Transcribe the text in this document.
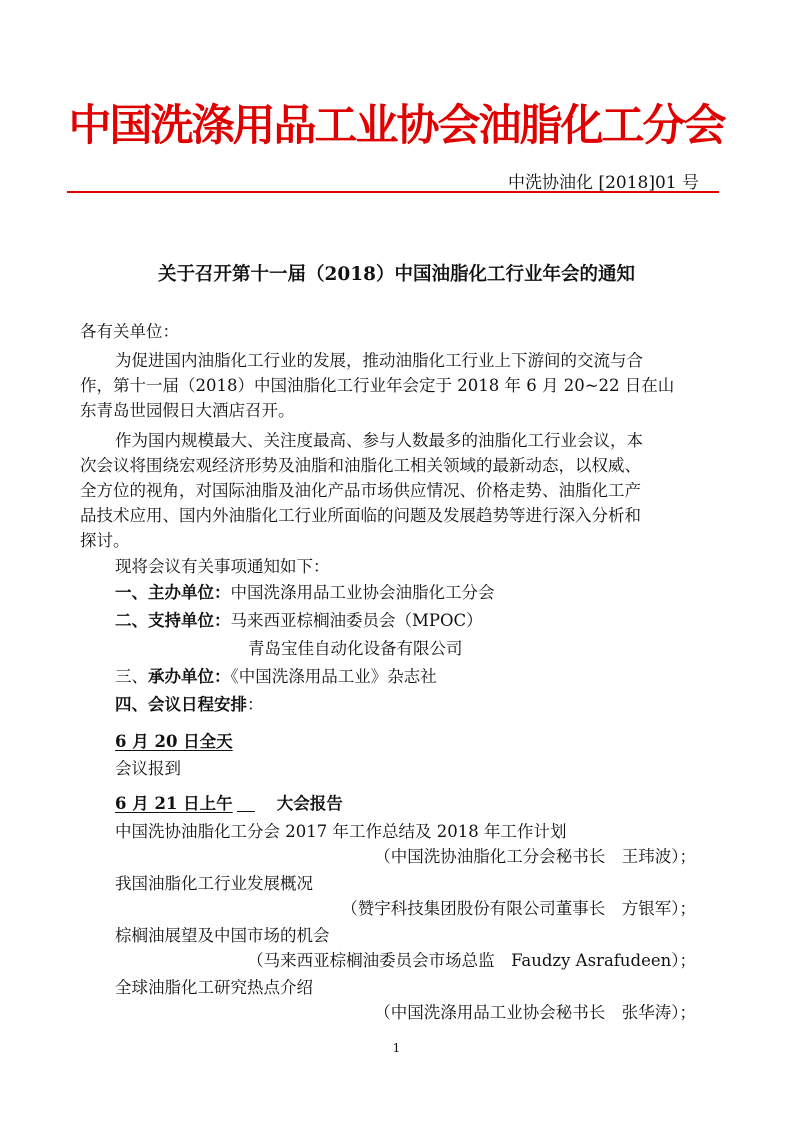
中国洗涤用品工业协会油脂化工分会
中洗协油化 [2018]01 号
关于召开第十一届（2018）中国油脂化工行业年会的通知
各有关单位：
为促进国内油脂化工行业的发展，推动油脂化工行业上下游间的交流与合
作，第十一届（2018）中国油脂化工行业年会定于 2018 年 6 月 20~22 日在山
东青岛世园假日大酒店召开。
作为国内规模最大、关注度最高、参与人数最多的油脂化工行业会议，本
次会议将围绕宏观经济形势及油脂和油脂化工相关领域的最新动态，以权威、
全方位的视角，对国际油脂及油化产品市场供应情况、价格走势、油脂化工产
品技术应用、国内外油脂化工行业所面临的问题及发展趋势等进行深入分析和
探讨。
现将会议有关事项通知如下：
一、主办单位：中国洗涤用品工业协会油脂化工分会
二、支持单位：马来西亚棕榈油委员会（MPOC）
青岛宝佳自动化设备有限公司
三、承办单位：《中国洗涤用品工业》杂志社
四、会议日程安排：
6 月 20 日全天
会议报到
6 月 21 日上午	大会报告
中国洗协油脂化工分会 2017 年工作总结及 2018 年工作计划
（中国洗协油脂化工分会秘书长　王玮波）；
我国油脂化工行业发展概况
（赞宇科技集团股份有限公司董事长　方银军）；
棕榈油展望及中国市场的机会
（马来西亚棕榈油委员会市场总监　Faudzy Asrafudeen）；
全球油脂化工研究热点介绍
（中国洗涤用品工业协会秘书长　张华涛）；
1
